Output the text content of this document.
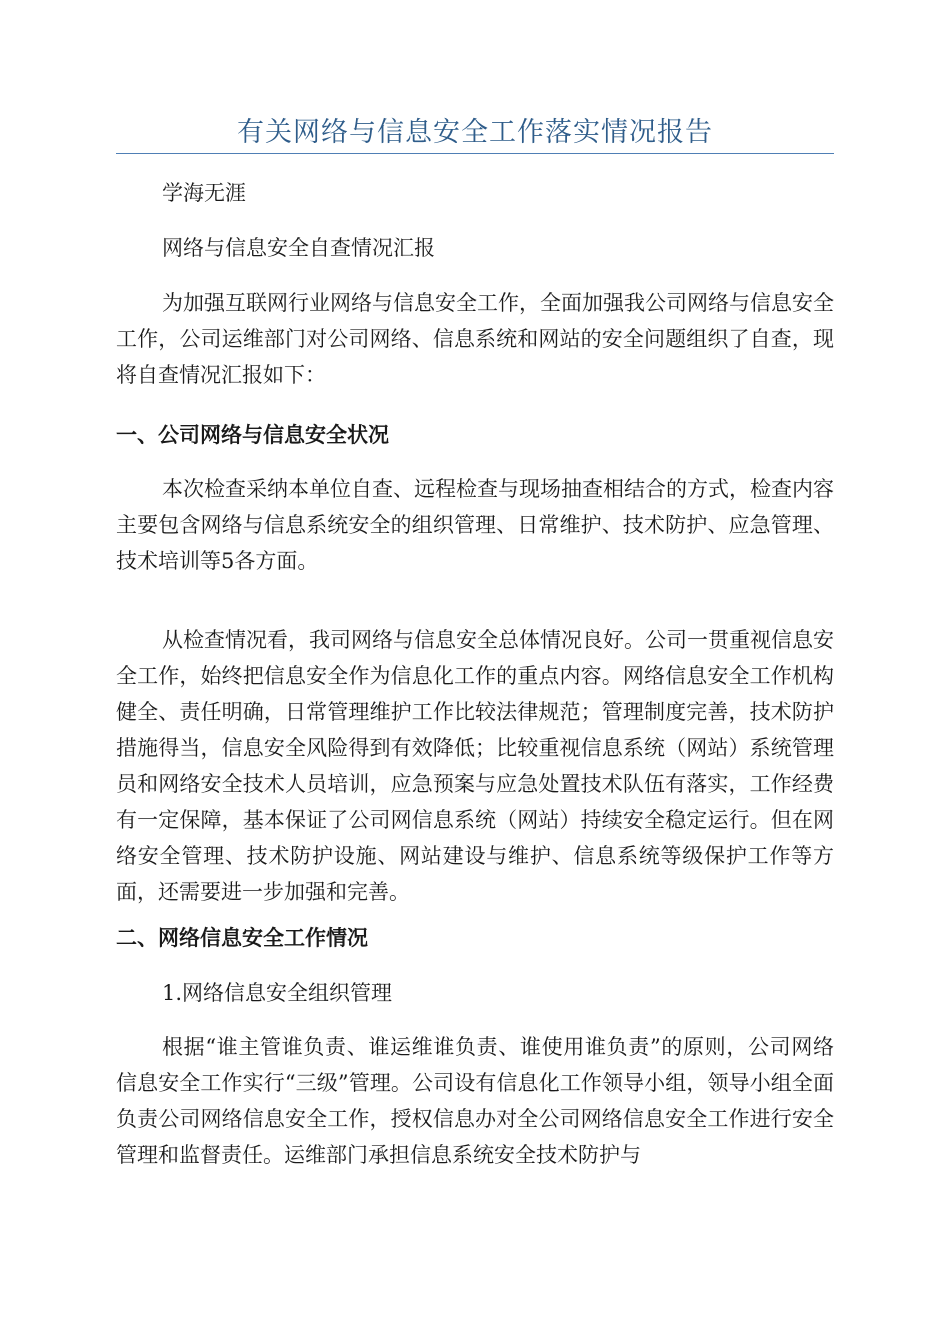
有关网络与信息安全工作落实情况报告

学海无涯

网络与信息安全自查情况汇报

为加强互联网行业网络与信息安全工作，全面加强我公司网络与信息安全工作，公司运维部门对公司网络、信息系统和网站的安全问题组织了自查，现将自查情况汇报如下：

一、公司网络与信息安全状况

本次检查采纳本单位自查、远程检查与现场抽查相结合的方式，检查内容主要包含网络与信息系统安全的组织管理、日常维护、技术防护、应急管理、技术培训等5各方面。

从检查情况看，我司网络与信息安全总体情况良好。公司一贯重视信息安全工作，始终把信息安全作为信息化工作的重点内容。网络信息安全工作机构健全、责任明确，日常管理维护工作比较法律规范；管理制度完善，技术防护措施得当，信息安全风险得到有效降低；比较重视信息系统（网站）系统管理员和网络安全技术人员培训，应急预案与应急处置技术队伍有落实，工作经费有一定保障，基本保证了公司网信息系统（网站）持续安全稳定运行。但在网络安全管理、技术防护设施、网站建设与维护、信息系统等级保护工作等方面，还需要进一步加强和完善。

二、网络信息安全工作情况

1.网络信息安全组织管理

根据“谁主管谁负责、谁运维谁负责、谁使用谁负责”的原则，公司网络信息安全工作实行“三级”管理。公司设有信息化工作领导小组，领导小组全面负责公司网络信息安全工作，授权信息办对全公司网络信息安全工作进行安全管理和监督责任。运维部门承担信息系统安全技术防护与
